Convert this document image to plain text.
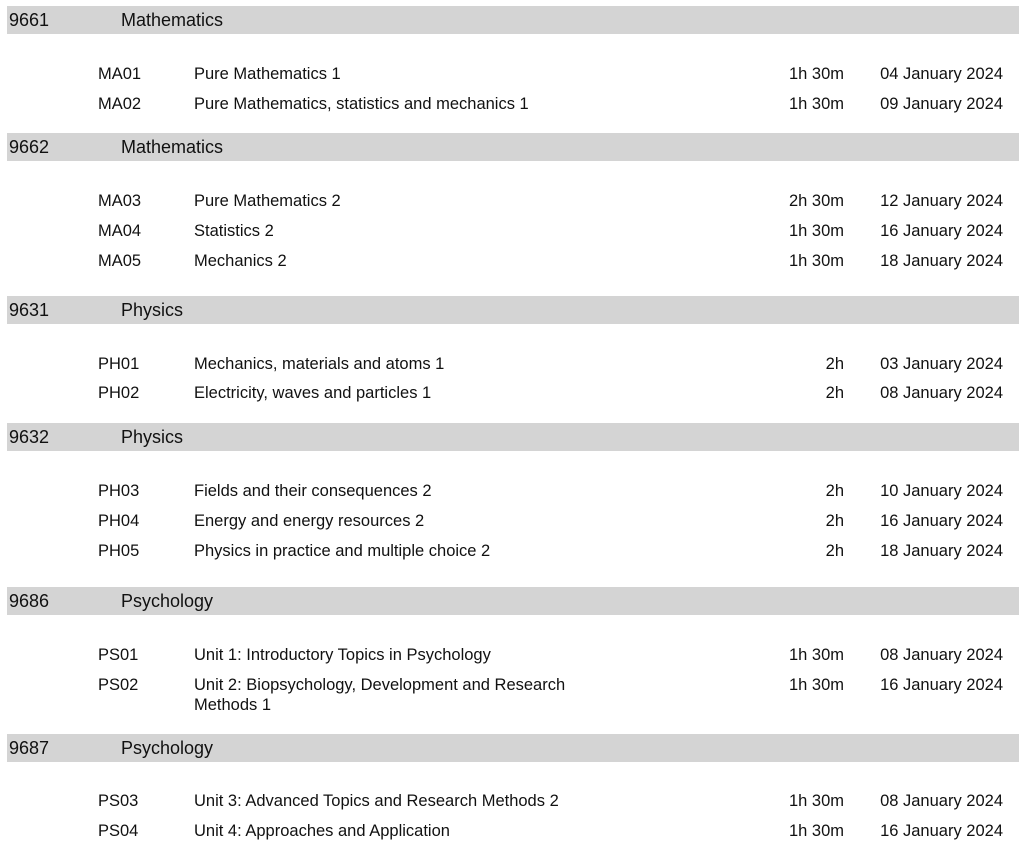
9661	Mathematics
MA01	Pure Mathematics 1	1h 30m 04 January 2024
MA02	Pure Mathematics, statistics and mechanics 1	1h 30m 09 January 2024
9662	Mathematics
MA03	Pure Mathematics 2	2h 30m 12 January 2024
MA04	Statistics 2	1h 30m 16 January 2024
MA05	Mechanics 2	1h 30m 18 January 2024
9631	Physics
PH01	Mechanics, materials and atoms 1	2h 03 January 2024
PH02	Electricity, waves and particles 1	2h 08 January 2024
9632	Physics
PH03	Fields and their consequences 2	2h 10 January 2024
PH04	Energy and energy resources 2	2h 16 January 2024
PH05	Physics in practice and multiple choice 2	2h 18 January 2024
9686	Psychology
PS01	Unit 1: Introductory Topics in Psychology	1h 30m 08 January 2024
PS02	Unit 2: Biopsychology, Development and Research	1h 30m 16 January 2024
Methods 1
9687	Psychology
PS03	Unit 3: Advanced Topics and Research Methods 2	1h 30m 08 January 2024
PS04	Unit 4: Approaches and Application	1h 30m 16 January 2024
